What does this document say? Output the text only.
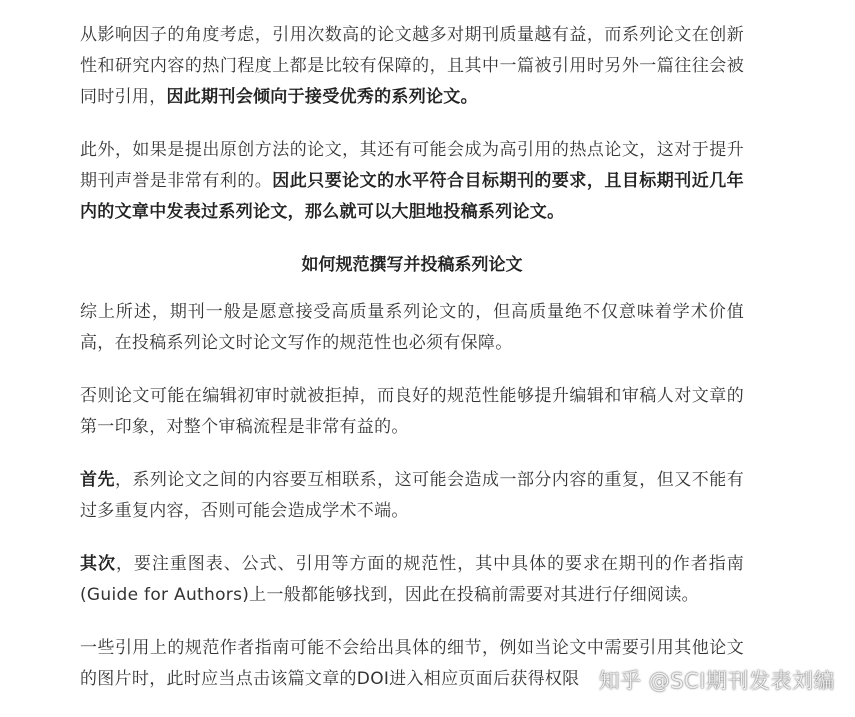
从影响因子的角度考虑，引用次数高的论文越多对期刊质量越有益，而系列论文在创新性和研究内容的热门程度上都是比较有保障的，且其中一篇被引用时另外一篇往往会被同时引用，因此期刊会倾向于接受优秀的系列论文。

此外，如果是提出原创方法的论文，其还有可能会成为高引用的热点论文，这对于提升期刊声誉是非常有利的。因此只要论文的水平符合目标期刊的要求，且目标期刊近几年内的文章中发表过系列论文，那么就可以大胆地投稿系列论文。

如何规范撰写并投稿系列论文

综上所述，期刊一般是愿意接受高质量系列论文的，但高质量绝不仅意味着学术价值高，在投稿系列论文时论文写作的规范性也必须有保障。

否则论文可能在编辑初审时就被拒掉，而良好的规范性能够提升编辑和审稿人对文章的第一印象，对整个审稿流程是非常有益的。

首先，系列论文之间的内容要互相联系，这可能会造成一部分内容的重复，但又不能有过多重复内容，否则可能会造成学术不端。

其次，要注重图表、公式、引用等方面的规范性，其中具体的要求在期刊的作者指南(Guide for Authors)上一般都能够找到，因此在投稿前需要对其进行仔细阅读。

一些引用上的规范作者指南可能不会给出具体的细节，例如当论文中需要引用其他论文的图片时，此时应当点击该篇文章的DOI进入相应页面后获得权限 知乎 @SCI期刊发表刘编
